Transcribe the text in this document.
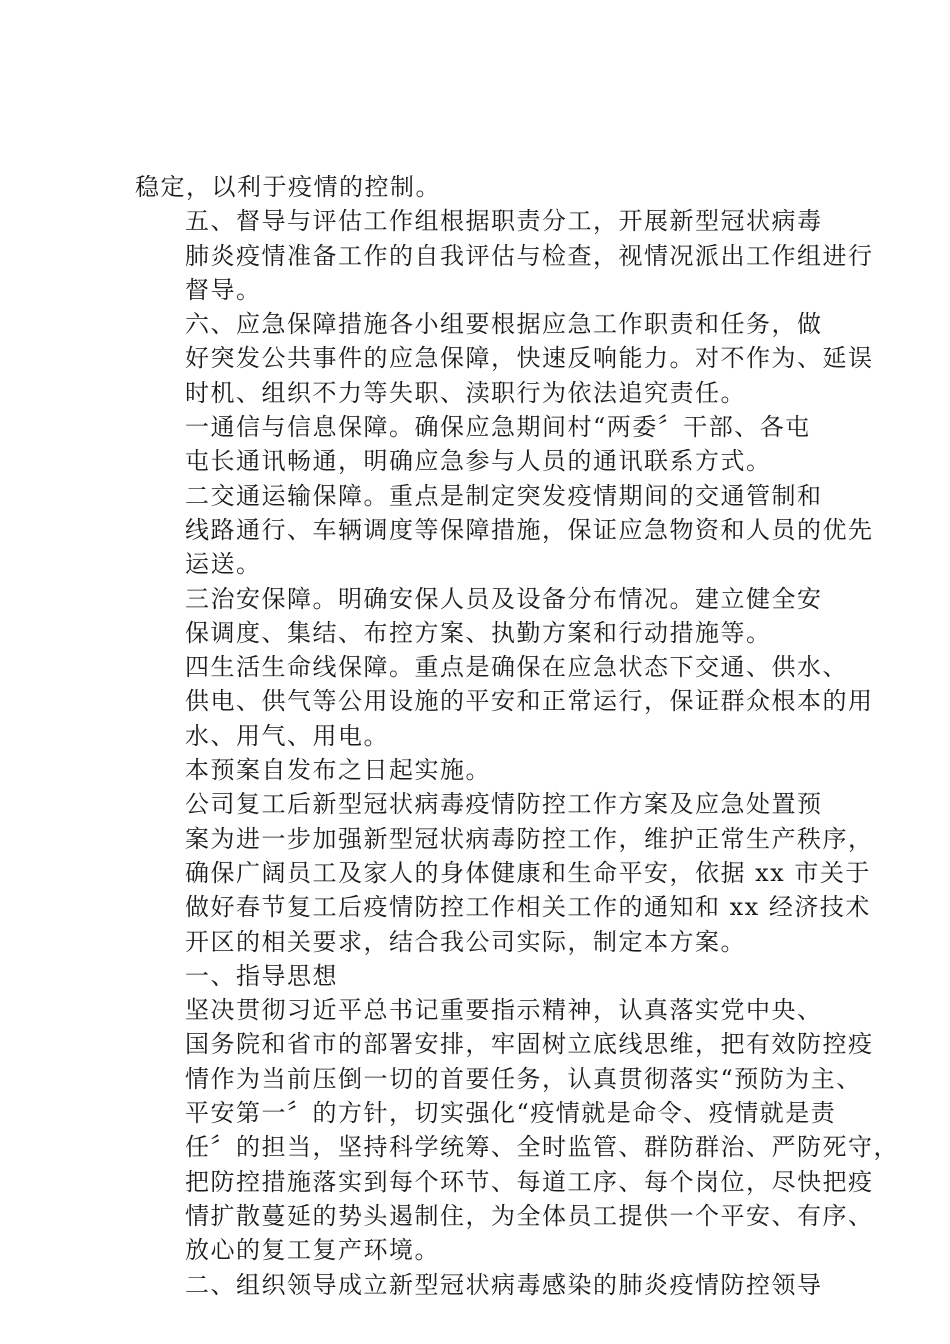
稳定，以利于疫情的控制。
五、督导与评估工作组根据职责分工，开展新型冠状病毒
肺炎疫情准备工作的自我评估与检查，视情况派出工作组进行
督导。
六、应急保障措施各小组要根据应急工作职责和任务，做
好突发公共事件的应急保障，快速反响能力。对不作为、延误
时机、组织不力等失职、渎职行为依法追究责任。
一通信与信息保障。确保应急期间村“两委〞干部、各屯
屯长通讯畅通，明确应急参与人员的通讯联系方式。
二交通运输保障。重点是制定突发疫情期间的交通管制和
线路通行、车辆调度等保障措施，保证应急物资和人员的优先
运送。
三治安保障。明确安保人员及设备分布情况。建立健全安
保调度、集结、布控方案、执勤方案和行动措施等。
四生活生命线保障。重点是确保在应急状态下交通、供水、
供电、供气等公用设施的平安和正常运行，保证群众根本的用
水、用气、用电。
本预案自发布之日起实施。
公司复工后新型冠状病毒疫情防控工作方案及应急处置预
案为进一步加强新型冠状病毒防控工作，维护正常生产秩序，
确保广阔员工及家人的身体健康和生命平安，依据 xx 市关于
做好春节复工后疫情防控工作相关工作的通知和 xx 经济技术
开区的相关要求，结合我公司实际，制定本方案。
一、指导思想
坚决贯彻习近平总书记重要指示精神，认真落实党中央、
国务院和省市的部署安排，牢固树立底线思维，把有效防控疫
情作为当前压倒一切的首要任务，认真贯彻落实“预防为主、
平安第一〞的方针，切实强化“疫情就是命令、疫情就是责
任〞的担当，坚持科学统筹、全时监管、群防群治、严防死守，
把防控措施落实到每个环节、每道工序、每个岗位，尽快把疫
情扩散蔓延的势头遏制住，为全体员工提供一个平安、有序、
放心的复工复产环境。
二、组织领导成立新型冠状病毒感染的肺炎疫情防控领导
